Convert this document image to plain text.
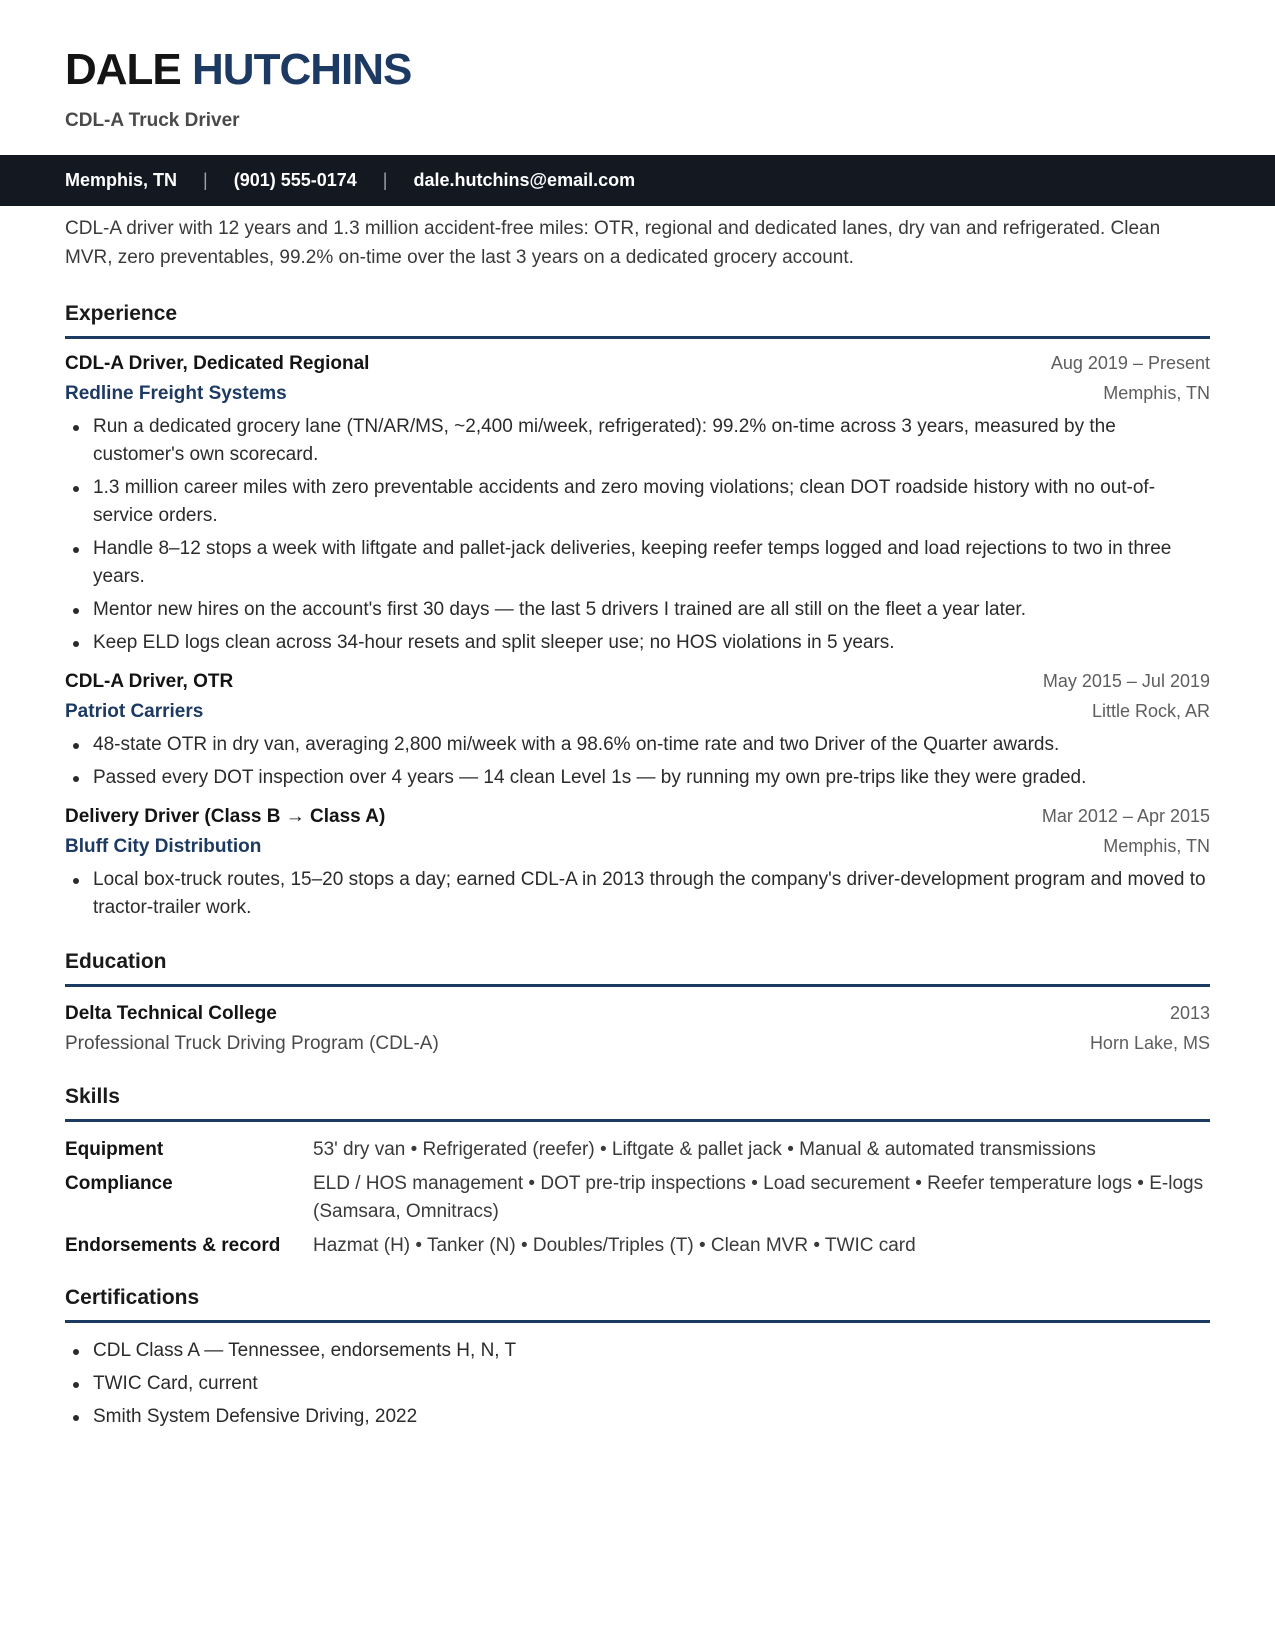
DALE HUTCHINS
CDL-A Truck Driver
Memphis, TN | (901) 555-0174 | dale.hutchins@email.com

CDL-A driver with 12 years and 1.3 million accident-free miles: OTR, regional and dedicated lanes, dry van and refrigerated. Clean MVR, zero preventables, 99.2% on-time over the last 3 years on a dedicated grocery account.

Experience
CDL-A Driver, Dedicated Regional	Aug 2019 – Present
Redline Freight Systems	Memphis, TN
Run a dedicated grocery lane (TN/AR/MS, ~2,400 mi/week, refrigerated): 99.2% on-time across 3 years, measured by the customer's own scorecard.
1.3 million career miles with zero preventable accidents and zero moving violations; clean DOT roadside history with no out-of-service orders.
Handle 8–12 stops a week with liftgate and pallet-jack deliveries, keeping reefer temps logged and load rejections to two in three years.
Mentor new hires on the account's first 30 days — the last 5 drivers I trained are all still on the fleet a year later.
Keep ELD logs clean across 34-hour resets and split sleeper use; no HOS violations in 5 years.
CDL-A Driver, OTR	May 2015 – Jul 2019
Patriot Carriers	Little Rock, AR
48-state OTR in dry van, averaging 2,800 mi/week with a 98.6% on-time rate and two Driver of the Quarter awards.
Passed every DOT inspection over 4 years — 14 clean Level 1s — by running my own pre-trips like they were graded.
Delivery Driver (Class B → Class A)	Mar 2012 – Apr 2015
Bluff City Distribution	Memphis, TN
Local box-truck routes, 15–20 stops a day; earned CDL-A in 2013 through the company's driver-development program and moved to tractor-trailer work.
Education
Delta Technical College	2013
Professional Truck Driving Program (CDL-A)	Horn Lake, MS
Skills
Equipment	53' dry van • Refrigerated (reefer) • Liftgate & pallet jack • Manual & automated transmissions
Compliance	ELD / HOS management • DOT pre-trip inspections • Load securement • Reefer temperature logs • E-logs (Samsara, Omnitracs)
Endorsements & record	Hazmat (H) • Tanker (N) • Doubles/Triples (T) • Clean MVR • TWIC card
Certifications
CDL Class A — Tennessee, endorsements H, N, T
TWIC Card, current
Smith System Defensive Driving, 2022
